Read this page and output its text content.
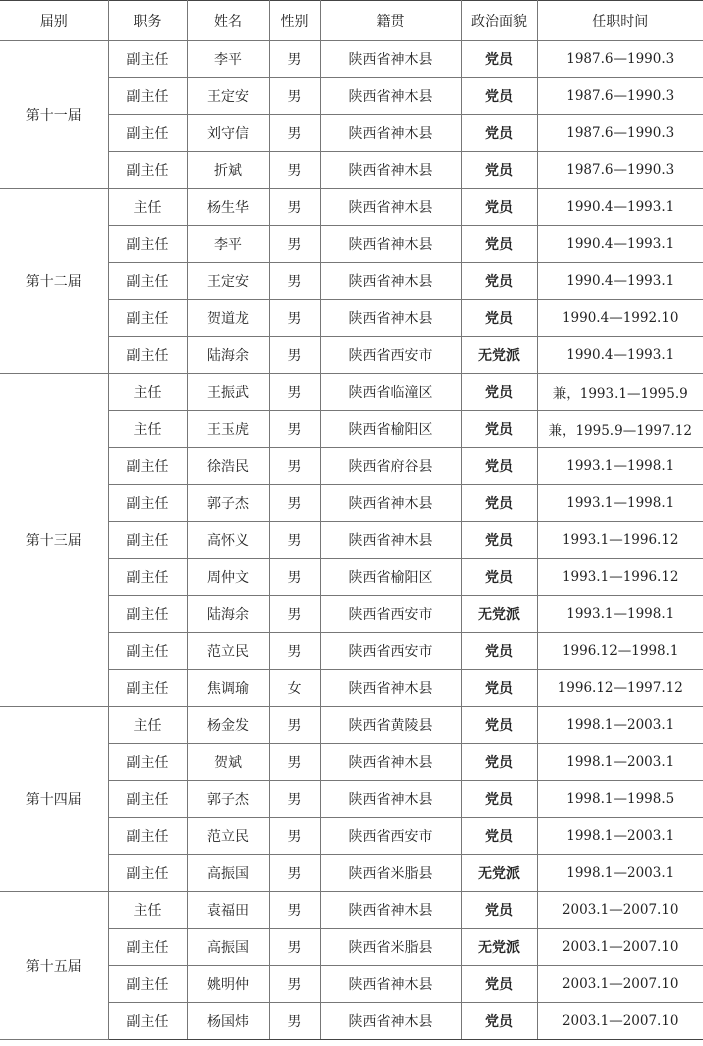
届别	职务	姓名	性别	籍贯	政治面貌	任职时间
第十一届	副主任	李平	男	陕西省神木县	党员	1987.6—1990.3
	副主任	王定安	男	陕西省神木县	党员	1987.6—1990.3
	副主任	刘守信	男	陕西省神木县	党员	1987.6—1990.3
	副主任	折斌	男	陕西省神木县	党员	1987.6—1990.3
第十二届	主任	杨生华	男	陕西省神木县	党员	1990.4—1993.1
	副主任	李平	男	陕西省神木县	党员	1990.4—1993.1
	副主任	王定安	男	陕西省神木县	党员	1990.4—1993.1
	副主任	贺道龙	男	陕西省神木县	党员	1990.4—1992.10
	副主任	陆海余	男	陕西省西安市	无党派	1990.4—1993.1
第十三届	主任	王振武	男	陕西省临潼区	党员	兼，1993.1—1995.9
	主任	王玉虎	男	陕西省榆阳区	党员	兼，1995.9—1997.12
	副主任	徐浩民	男	陕西省府谷县	党员	1993.1—1998.1
	副主任	郭子杰	男	陕西省神木县	党员	1993.1—1998.1
	副主任	高怀义	男	陕西省神木县	党员	1993.1—1996.12
	副主任	周仲文	男	陕西省榆阳区	党员	1993.1—1996.12
	副主任	陆海余	男	陕西省西安市	无党派	1993.1—1998.1
	副主任	范立民	男	陕西省西安市	党员	1996.12—1998.1
	副主任	焦调瑜	女	陕西省神木县	党员	1996.12—1997.12
第十四届	主任	杨金发	男	陕西省黄陵县	党员	1998.1—2003.1
	副主任	贺斌	男	陕西省神木县	党员	1998.1—2003.1
	副主任	郭子杰	男	陕西省神木县	党员	1998.1—1998.5
	副主任	范立民	男	陕西省西安市	党员	1998.1—2003.1
	副主任	高振国	男	陕西省米脂县	无党派	1998.1—2003.1
第十五届	主任	袁福田	男	陕西省神木县	党员	2003.1—2007.10
	副主任	高振国	男	陕西省米脂县	无党派	2003.1—2007.10
	副主任	姚明仲	男	陕西省神木县	党员	2003.1—2007.10
	副主任	杨国炜	男	陕西省神木县	党员	2003.1—2007.10
